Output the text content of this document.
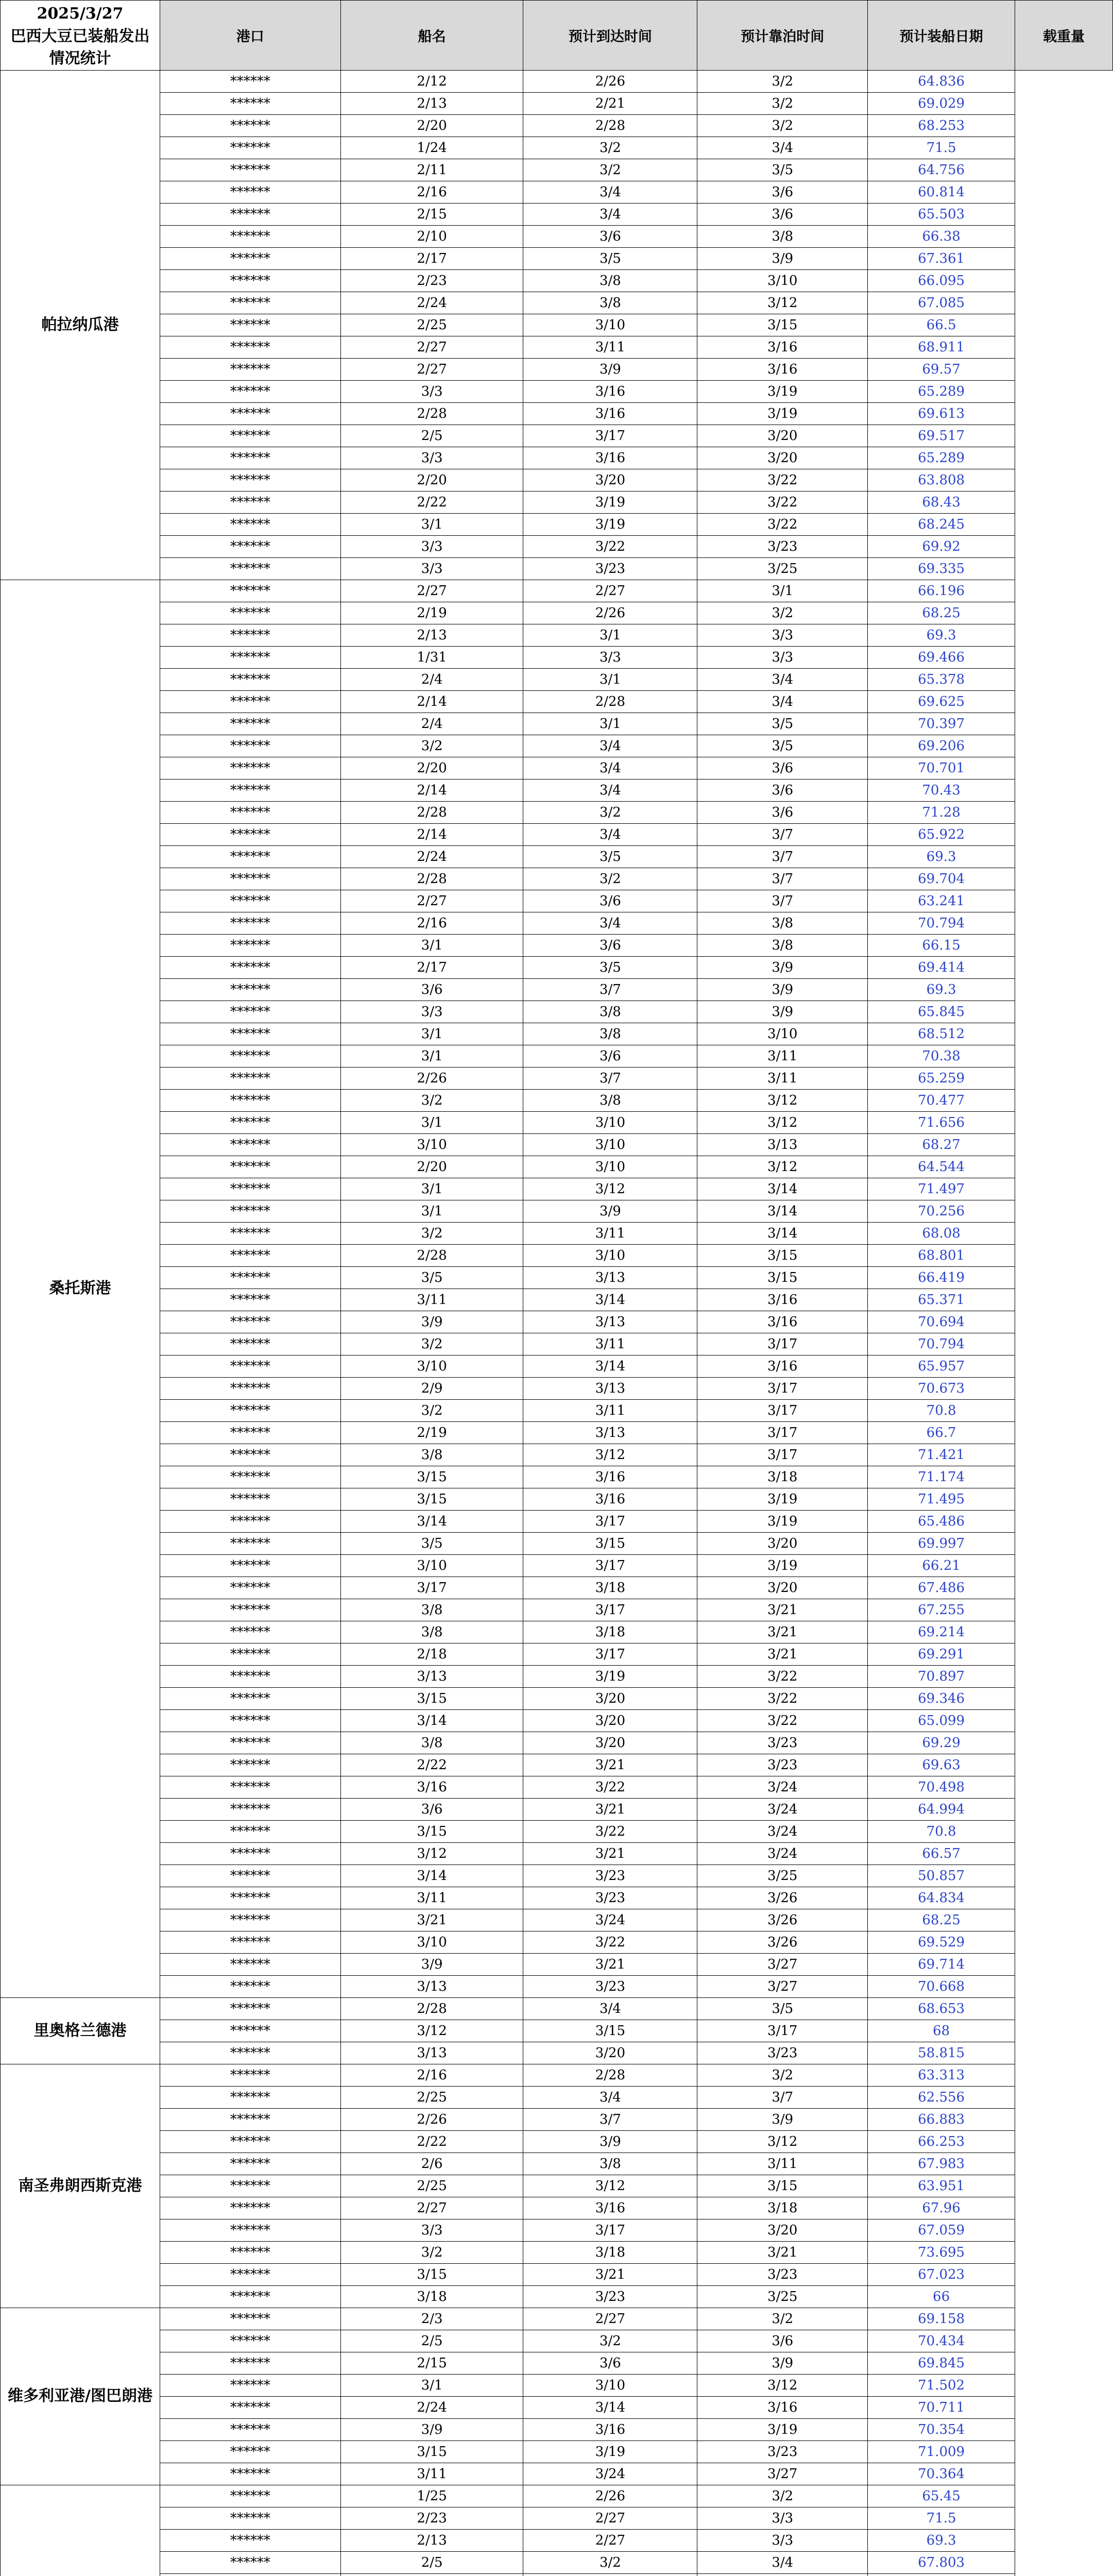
2025/3/27
巴西大豆已装船发出
情况统计	港口	船名	预计到达时间	预计靠泊时间	预计装船日期	载重量
帕拉纳瓜港	******	2/12	2/26	3/2	64.836	
	******	2/13	2/21	3/2	69.029	
	******	2/20	2/28	3/2	68.253	
	******	1/24	3/2	3/4	71.5	
	******	2/11	3/2	3/5	64.756	
	******	2/16	3/4	3/6	60.814	
	******	2/15	3/4	3/6	65.503	
	******	2/10	3/6	3/8	66.38	
	******	2/17	3/5	3/9	67.361	
	******	2/23	3/8	3/10	66.095	
	******	2/24	3/8	3/12	67.085	
	******	2/25	3/10	3/15	66.5	
	******	2/27	3/11	3/16	68.911	
	******	2/27	3/9	3/16	69.57	
	******	3/3	3/16	3/19	65.289	
	******	2/28	3/16	3/19	69.613	
	******	2/5	3/17	3/20	69.517	
	******	3/3	3/16	3/20	65.289	
	******	2/20	3/20	3/22	63.808	
	******	2/22	3/19	3/22	68.43	
	******	3/1	3/19	3/22	68.245	
	******	3/3	3/22	3/23	69.92	
	******	3/3	3/23	3/25	69.335	
桑托斯港	******	2/27	2/27	3/1	66.196	
	******	2/19	2/26	3/2	68.25	
	******	2/13	3/1	3/3	69.3	
	******	1/31	3/3	3/3	69.466	
	******	2/4	3/1	3/4	65.378	
	******	2/14	2/28	3/4	69.625	
	******	2/4	3/1	3/5	70.397	
	******	3/2	3/4	3/5	69.206	
	******	2/20	3/4	3/6	70.701	
	******	2/14	3/4	3/6	70.43	
	******	2/28	3/2	3/6	71.28	
	******	2/14	3/4	3/7	65.922	
	******	2/24	3/5	3/7	69.3	
	******	2/28	3/2	3/7	69.704	
	******	2/27	3/6	3/7	63.241	
	******	2/16	3/4	3/8	70.794	
	******	3/1	3/6	3/8	66.15	
	******	2/17	3/5	3/9	69.414	
	******	3/6	3/7	3/9	69.3	
	******	3/3	3/8	3/9	65.845	
	******	3/1	3/8	3/10	68.512	
	******	3/1	3/6	3/11	70.38	
	******	2/26	3/7	3/11	65.259	
	******	3/2	3/8	3/12	70.477	
	******	3/1	3/10	3/12	71.656	
	******	3/10	3/10	3/13	68.27	
	******	2/20	3/10	3/12	64.544	
	******	3/1	3/12	3/14	71.497	
	******	3/1	3/9	3/14	70.256	
	******	3/2	3/11	3/14	68.08	
	******	2/28	3/10	3/15	68.801	
	******	3/5	3/13	3/15	66.419	
	******	3/11	3/14	3/16	65.371	
	******	3/9	3/13	3/16	70.694	
	******	3/2	3/11	3/17	70.794	
	******	3/10	3/14	3/16	65.957	
	******	2/9	3/13	3/17	70.673	
	******	3/2	3/11	3/17	70.8	
	******	2/19	3/13	3/17	66.7	
	******	3/8	3/12	3/17	71.421	
	******	3/15	3/16	3/18	71.174	
	******	3/15	3/16	3/19	71.495	
	******	3/14	3/17	3/19	65.486	
	******	3/5	3/15	3/20	69.997	
	******	3/10	3/17	3/19	66.21	
	******	3/17	3/18	3/20	67.486	
	******	3/8	3/17	3/21	67.255	
	******	3/8	3/18	3/21	69.214	
	******	2/18	3/17	3/21	69.291	
	******	3/13	3/19	3/22	70.897	
	******	3/15	3/20	3/22	69.346	
	******	3/14	3/20	3/22	65.099	
	******	3/8	3/20	3/23	69.29	
	******	2/22	3/21	3/23	69.63	
	******	3/16	3/22	3/24	70.498	
	******	3/6	3/21	3/24	64.994	
	******	3/15	3/22	3/24	70.8	
	******	3/12	3/21	3/24	66.57	
	******	3/14	3/23	3/25	50.857	
	******	3/11	3/23	3/26	64.834	
	******	3/21	3/24	3/26	68.25	
	******	3/10	3/22	3/26	69.529	
	******	3/9	3/21	3/27	69.714	
	******	3/13	3/23	3/27	70.668	
里奥格兰德港	******	2/28	3/4	3/5	68.653	
	******	3/12	3/15	3/17	68	
	******	3/13	3/20	3/23	58.815	
南圣弗朗西斯克港	******	2/16	2/28	3/2	63.313	
	******	2/25	3/4	3/7	62.556	
	******	2/26	3/7	3/9	66.883	
	******	2/22	3/9	3/12	66.253	
	******	2/6	3/8	3/11	67.983	
	******	2/25	3/12	3/15	63.951	
	******	2/27	3/16	3/18	67.96	
	******	3/3	3/17	3/20	67.059	
	******	3/2	3/18	3/21	73.695	
	******	3/15	3/21	3/23	67.023	
	******	3/18	3/23	3/25	66	
维多利亚港/图巴朗港	******	2/3	2/27	3/2	69.158	
	******	2/5	3/2	3/6	70.434	
	******	2/15	3/6	3/9	69.845	
	******	3/1	3/10	3/12	71.502	
	******	2/24	3/14	3/16	70.711	
	******	3/9	3/16	3/19	70.354	
	******	3/15	3/19	3/23	71.009	
	******	3/11	3/24	3/27	70.364	
	******	1/25	2/26	3/2	65.45	
	******	2/23	2/27	3/3	71.5	
	******	2/13	2/27	3/3	69.3	
	******	2/5	3/2	3/4	67.803	
